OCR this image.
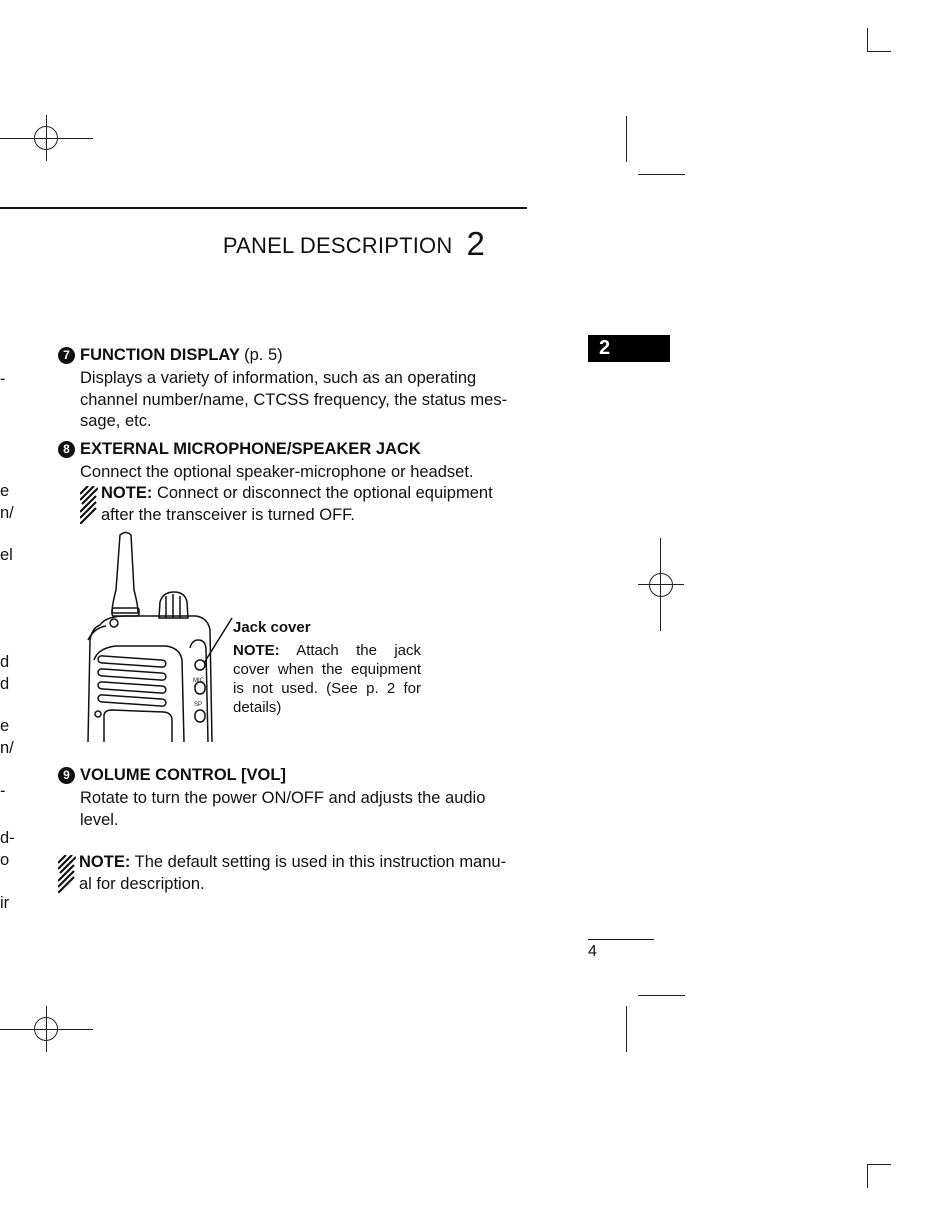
PANEL DESCRIPTION 2
2
-
e
n/
el
d
d
e
n/
-
d-
o
ir
7 FUNCTION DISPLAY (p. 5)
Displays a variety of information, such as an operating
channel number/name, CTCSS frequency, the status mes-
sage, etc.
8 EXTERNAL MICROPHONE/SPEAKER JACK
Connect the optional speaker-microphone or headset.
NOTE: Connect or disconnect the optional equipment
after the transceiver is turned OFF.
MIC
SP
Jack cover
NOTE: Attach the jack cover when the equipment is not used. (See p. 2 for details)
9 VOLUME CONTROL [VOL]
Rotate to turn the power ON/OFF and adjusts the audio
level.
NOTE: The default setting is used in this instruction manu-
al for description.
4
